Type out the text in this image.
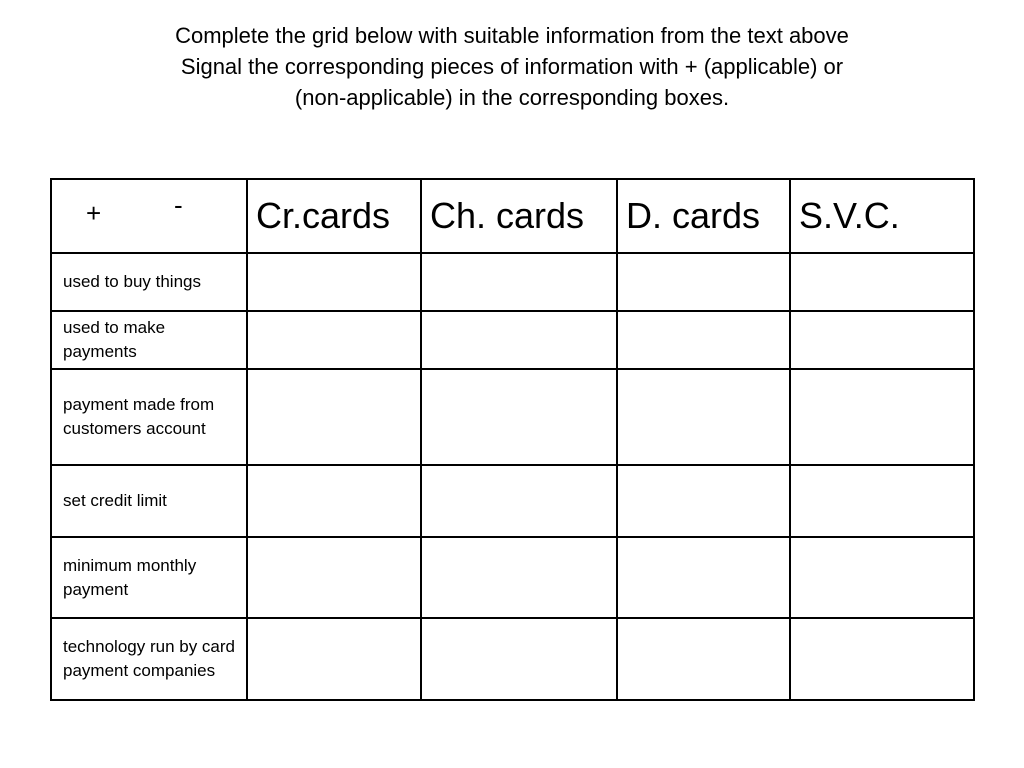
Complete the grid below with suitable information from the text above
Signal the corresponding pieces of information with + (applicable) or
(non-applicable) in the corresponding boxes.
+ -	Cr.cards	Ch. cards	D. cards	S.V.C.
used to buy things				
used to make payments				
payment made from customers account				
set credit limit				
minimum monthly payment				
technology run by card payment companies				
